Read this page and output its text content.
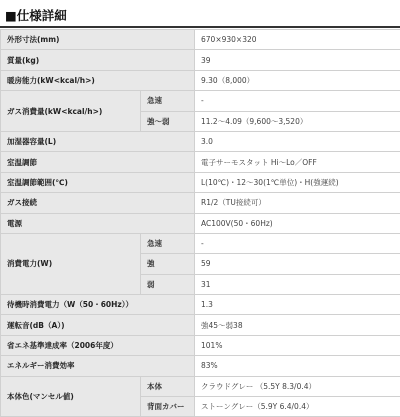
■仕様詳細
外形寸法(mm)		670×930×320
質量(kg)		39
暖房能力(kW<kcal/h>)		9.30（8,000）
ガス消費量(kW<kcal/h>)	急速	-
	強～弱	11.2～4.09（9,600～3,520）
加湿器容量(L)		3.0
室温調節		電子サーモスタット Hi～Lo／OFF
室温調節範囲(℃)		L(10℃)・12～30(1℃単位)・H(強運続)
ガス接続		R1/2（TU接続可）
電源		AC100V(50・60Hz)
消費電力(W)	急速	-
	強	59
	弱	31
待機時消費電力（W（50・60Hz））		1.3
運転音(dB（A）)		強45～弱38
省エネ基準達成率（2006年度）		101%
エネルギー消費効率		83%
本体色(マンセル値)	本体	クラウドグレー （5.5Y 8.3/0.4）
	背面カバー	ストーングレー（5.9Y 6.4/0.4）
